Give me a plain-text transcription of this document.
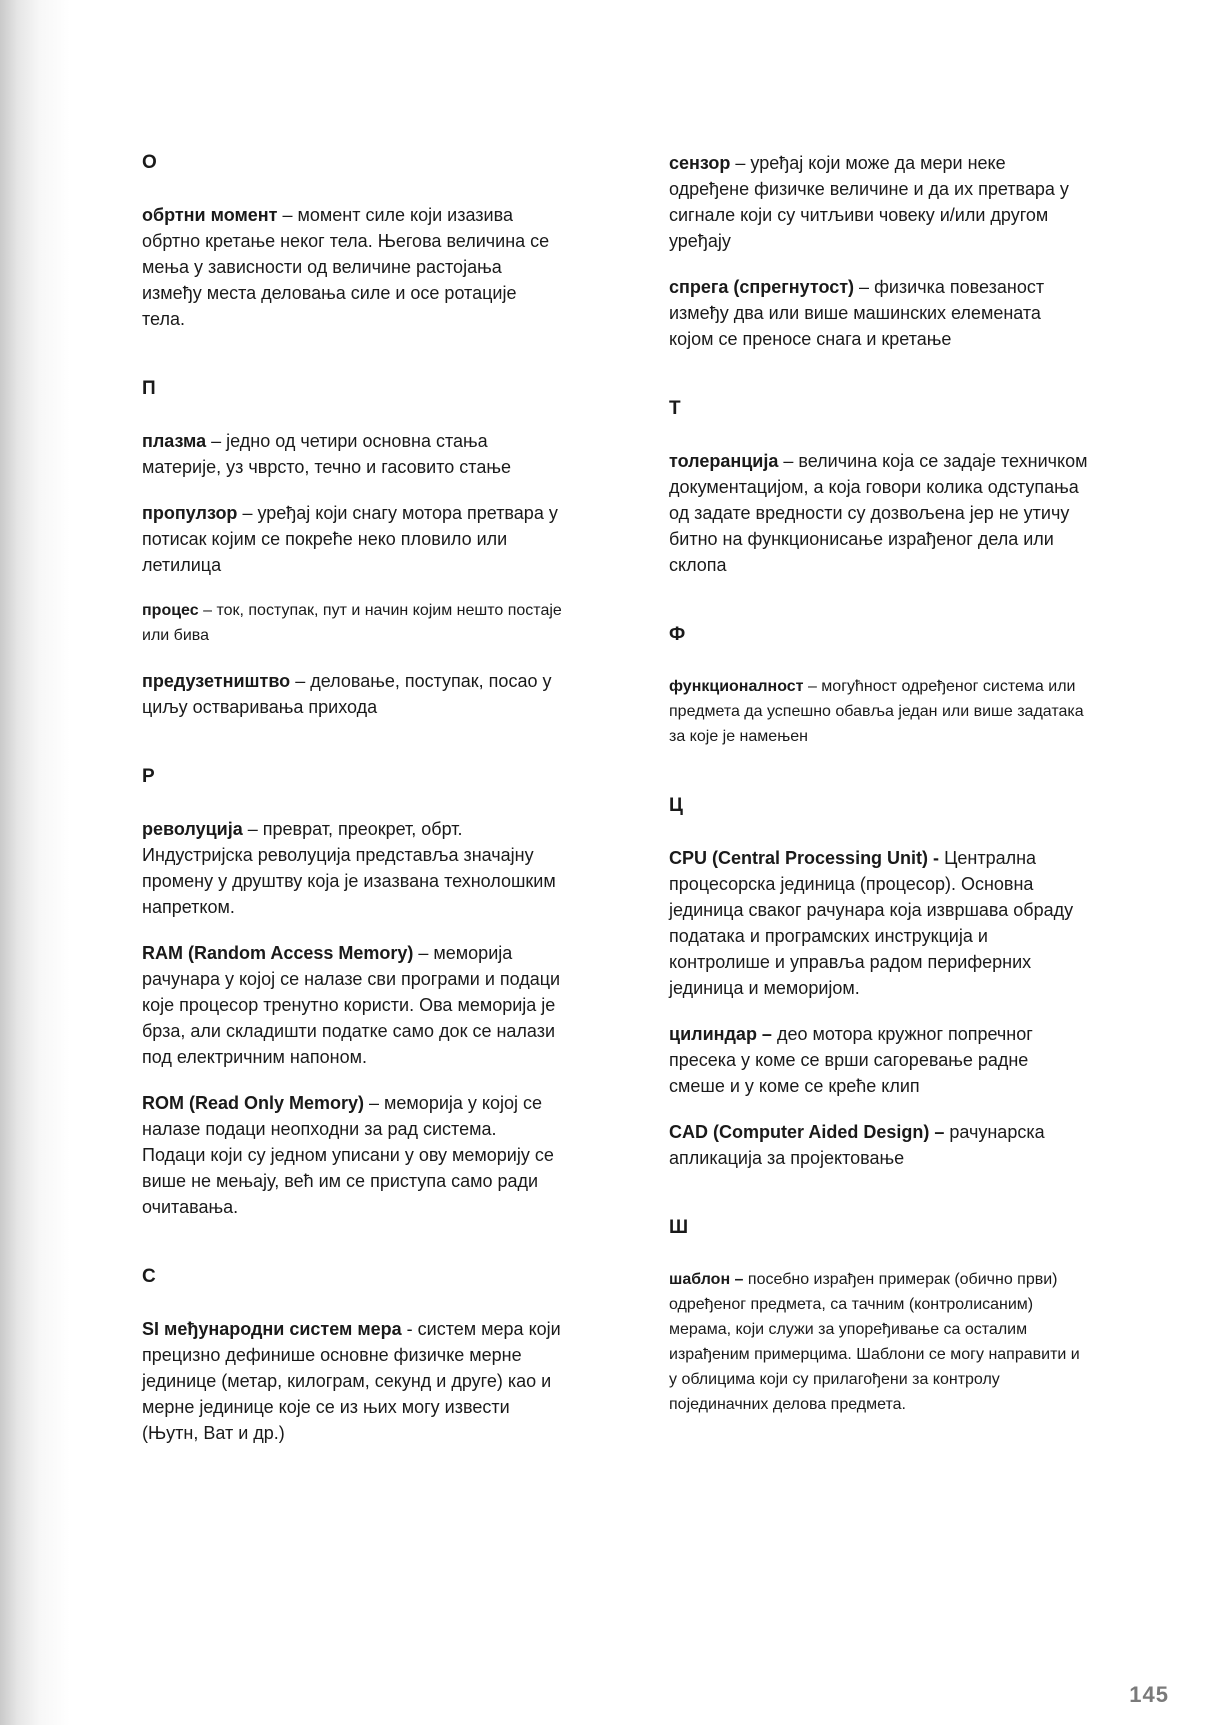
О
обртни момент – момент силе који изазива обртно кретање неког тела. Његова величина се мења у зависности од величине растојања између места деловања силе и осе ротације тела.
П
плазма – једно од четири основна стања материје, уз чврсто, течно и гасовито стање
пропулзор – уређај који снагу мотора претвара у потисак којим се покреће неко пловило или летилица
процес – ток, поступак, пут и начин којим нешто постаје или бива
предузетништво – деловање, поступак, посао у циљу остваривања прихода
Р
револуција – преврат, преокрет, обрт. Индустријска револуција представља значајну промену у друштву која је изазвана технолошким напретком.
RAM (Random Access Memory) – меморија рачунара у којој се налазе сви програми и подаци које процесор тренутно користи. Ова меморија је брза, али складишти податке само док се налази под електричним напоном.
ROM (Read Only Memory) – меморија у којој се налазе подаци неопходни за рад система. Подаци који су једном уписани у ову меморију се више не мењају, већ им се приступа само ради очитавања.
С
SI међународни систем мера - систем мера који прецизно дефинише основне физичке мерне јединице (метар, килограм, секунд и друге) као и мерне јединице које се из њих могу извести (Њутн, Ват и др.)
сензор – уређај који може да мери неке одређене физичке величине и да их претвара у сигнале који су читљиви човеку и/или другом уређају
спрега (спрегнутост) – физичка повезаност између два или више машинских елемената којом се преносе снага и кретање
Т
толеранција – величина која се задаје техничком документацијом, а која говори колика одступања од задате вредности су дозвољена јер не утичу битно на функционисање израђеног дела или склопа
Ф
функционалност – могућност одређеног система или предмета да успешно обавља један или више задатака за које је намењен
Ц
CPU (Central Processing Unit) - Централна процесорска јединица (процесор). Основна јединица сваког рачунара која извршава обраду података и програмских инструкција и контролише и управља радом периферних јединица и меморијом.
цилиндар – део мотора кружног попречног пресека у коме се врши сагоревање радне смеше и у коме се креће клип
CAD (Computer Aided Design) – рачунарска апликација за пројектовање
Ш
шаблон – посебно израђен примерак (обично први) одређеног предмета, са тачним (контролисаним) мерама, који служи за упоређивање са осталим израђеним примерцима. Шаблони се могу направити и у облицима који су прилагођени за контролу појединачних делова предмета.
145
